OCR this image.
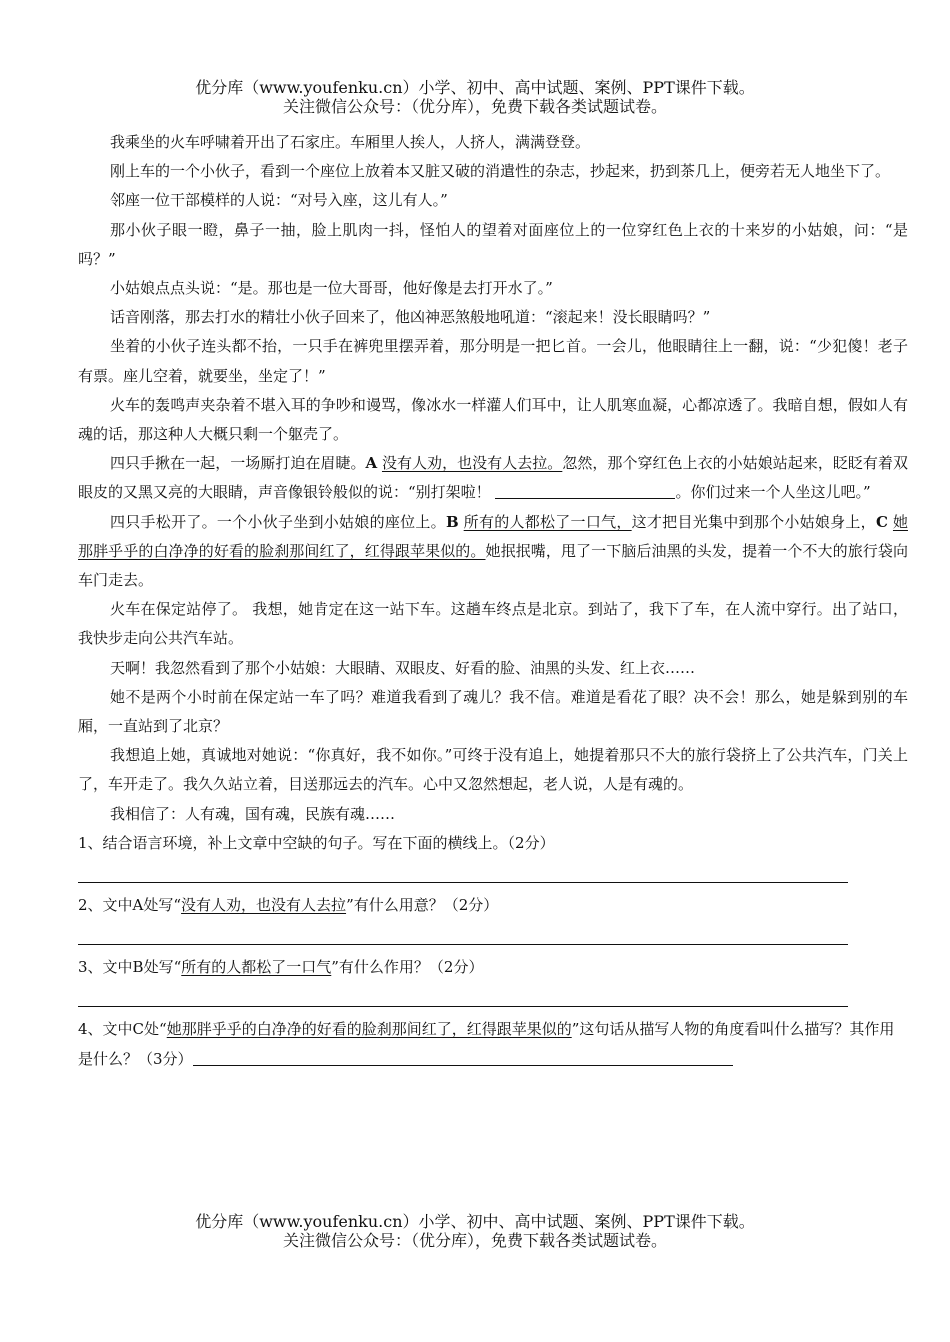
优分库（www.youfenku.cn）小学、初中、高中试题、案例、PPT课件下载。
关注微信公众号：（优分库），免费下载各类试题试卷。

我乘坐的火车呼啸着开出了石家庄。车厢里人挨人，人挤人，满满登登。

刚上车的一个小伙子，看到一个座位上放着本又脏又破的消遣性的杂志，抄起来，扔到茶几上，便旁若无人地坐下了。

邻座一位干部模样的人说：“对号入座，这儿有人。”

那小伙子眼一瞪，鼻子一抽，脸上肌肉一抖，怪怕人的望着对面座位上的一位穿红色上衣的十来岁的小姑娘，问：“是吗？”

小姑娘点点头说：“是。那也是一位大哥哥，他好像是去打开水了。”

话音刚落，那去打水的精壮小伙子回来了，他凶神恶煞般地吼道：“滚起来！没长眼睛吗？”

坐着的小伙子连头都不抬，一只手在裤兜里摆弄着，那分明是一把匕首。一会儿，他眼睛往上一翻，说：“少犯傻！老子有票。座儿空着，就要坐，坐定了！”

火车的轰鸣声夹杂着不堪入耳的争吵和谩骂，像冰水一样灌人们耳中，让人肌寒血凝，心都凉透了。我暗自想，假如人有魂的话，那这种人大概只剩一个躯壳了。

四只手揪在一起，一场厮打迫在眉睫。A 没有人劝，也没有人去拉。忽然，那个穿红色上衣的小姑娘站起来，眨眨有着双眼皮的又黑又亮的大眼睛，声音像银铃般似的说：“别打架啦！	。你们过来一个人坐这儿吧。”

四只手松开了。一个小伙子坐到小姑娘的座位上。B 所有的人都松了一口气，这才把目光集中到那个小姑娘身上，C 她那胖乎乎的白净净的好看的脸刹那间红了，红得跟苹果似的。她抿抿嘴，甩了一下脑后油黑的头发，提着一个不大的旅行袋向车门走去。

火车在保定站停了。 我想，她肯定在这一站下车。这趟车终点是北京。到站了，我下了车，在人流中穿行。出了站口， 我快步走向公共汽车站。

天啊！我忽然看到了那个小姑娘：大眼睛、双眼皮、好看的脸、油黑的头发、红上衣……

她不是两个小时前在保定站一车了吗？难道我看到了魂儿？我不信。难道是看花了眼？决不会！那么，她是躲到别的车厢，一直站到了北京？

我想追上她，真诚地对她说：“你真好，我不如你。”可终于没有追上，她提着那只不大的旅行袋挤上了公共汽车，门关上了，车开走了。我久久站立着，目送那远去的汽车。心中又忽然想起，老人说，人是有魂的。

我相信了：人有魂，国有魂，民族有魂……

1、结合语言环境，补上文章中空缺的句子。写在下面的横线上。（2分）

2、文中A处写“没有人劝，也没有人去拉”有什么用意？（2分）

3、文中B处写“所有的人都松了一口气”有什么作用？（2分）

4、文中C处“她那胖乎乎的白净净的好看的脸刹那间红了，红得跟苹果似的”这句话从描写人物的角度看叫什么描写？其作用是什么？（3分）

优分库（www.youfenku.cn）小学、初中、高中试题、案例、PPT课件下载。
关注微信公众号：（优分库），免费下载各类试题试卷。
